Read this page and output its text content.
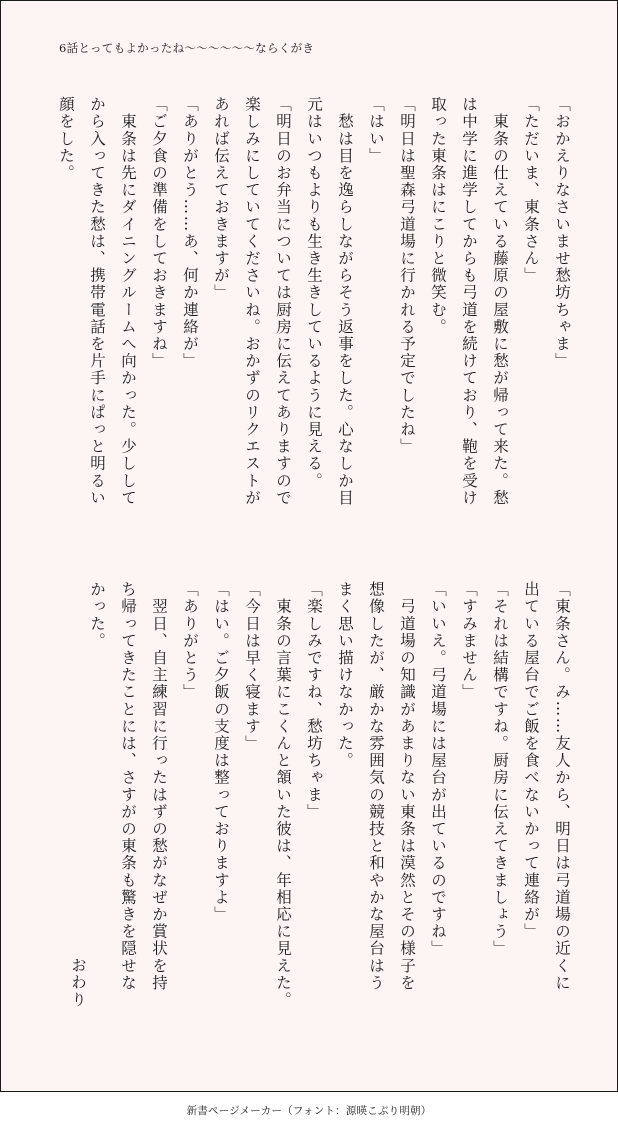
6話とってもよかったね〜〜〜〜〜〜ならくがき
「おかえりなさいませ愁坊ちゃま」
「ただいま、東条さん」
　東条の仕えている藤原の屋敷に愁が帰って来た。愁
は中学に進学してからも弓道を続けており、鞄を受け
取った東条はにこりと微笑む。
「明日は聖森弓道場に行かれる予定でしたね」
「はい」
　愁は目を逸らしながらそう返事をした。心なしか目
元はいつもよりも生き生きしているように見える。
「明日のお弁当については厨房に伝えてありますので
楽しみにしていてくださいね。おかずのリクエストが
あれば伝えておきますが」
「ありがとう……あ、何か連絡が」
「ご夕食の準備をしておきますね」
　東条は先にダイニングルームへ向かった。少しして
から入ってきた愁は、携帯電話を片手にぱっと明るい
顔をした。
「東条さん。み……友人から、明日は弓道場の近くに
出ている屋台でご飯を食べないかって連絡が」
「それは結構ですね。厨房に伝えてきましょう」
「すみません」
「いいえ。弓道場には屋台が出ているのですね」
　弓道場の知識があまりない東条は漠然とその様子を
想像したが、厳かな雰囲気の競技と和やかな屋台はう
まく思い描けなかった。
「楽しみですね、愁坊ちゃま」
　東条の言葉にこくんと頷いた彼は、年相応に見えた。
「今日は早く寝ます」
「はい。ご夕飯の支度は整っておりますよ」
「ありがとう」
　翌日、自主練習に行ったはずの愁がなぜか賞状を持
ち帰ってきたことには、さすがの東条も驚きを隠せな
かった。
おわり
新書ページメーカー（フォント：源暎こぶり明朝）
